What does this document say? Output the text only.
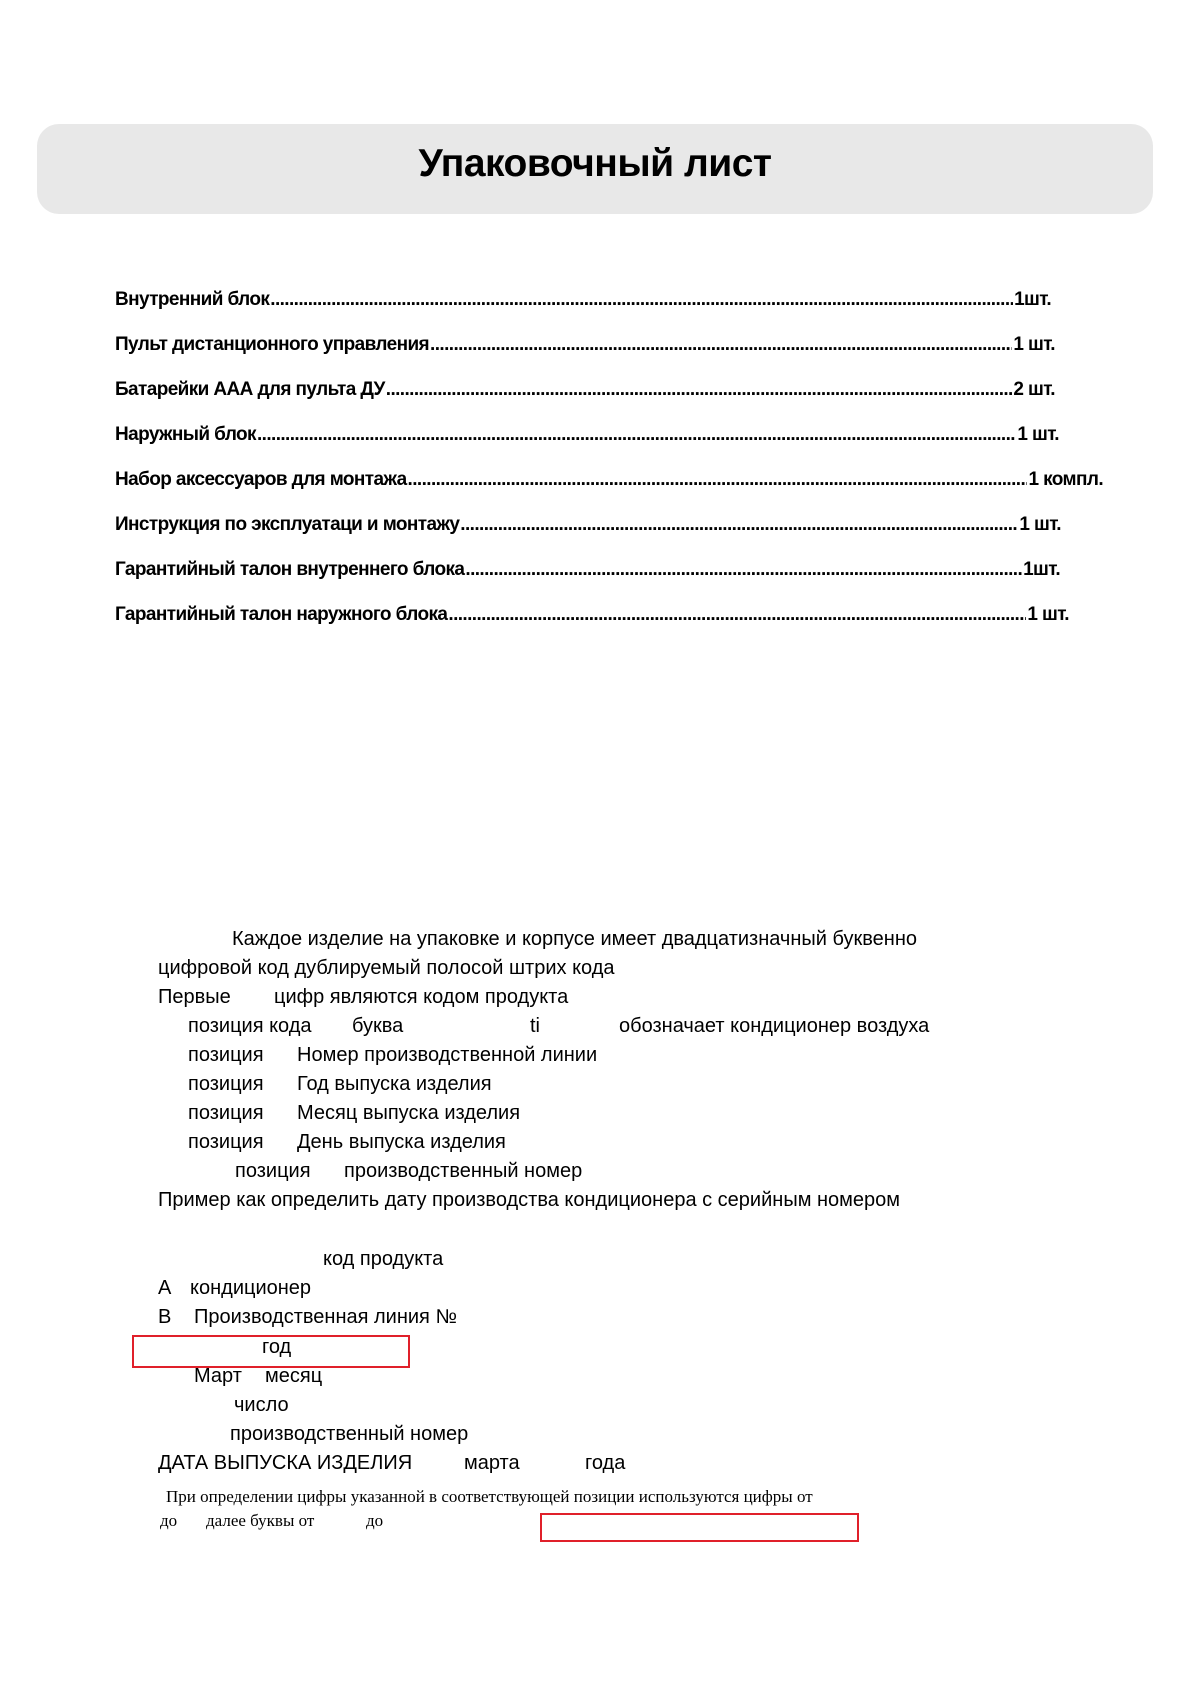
Упаковочный лист
Внутренний блок .....	1шт.
Пульт дистанционного управления .....	1 шт.
Батарейки ААА для пульта ДУ .....	2 шт.
Наружный блок .....	1 шт.
Набор аксессуаров для монтажа .....	1 компл.
Инструкция по эксплуатаци и монтажу .....	1 шт.
Гарантийный талон внутреннего блока .....	1шт.
Гарантийный талон наружного блока .....	1 шт.
Каждое изделие на упаковке и корпусе имеет двадцатизначный буквенно
цифровой код дублируемый полосой штрих кода
Первые цифр являются кодом продукта
позиция кода буква	ti	обозначает кондиционер воздуха
позиция Номер производственной линии
позиция Год выпуска изделия
позиция Месяц выпуска изделия
позиция День выпуска изделия
позиция производственный номер
Пример как определить дату производства кондиционера с серийным номером
код продукта
А кондиционер
В Производственная линия №
год
Март месяц
число
производственный номер
ДАТА ВЫПУСКА ИЗДЕЛИЯ	марта	года
При определении цифры указанной в соответствующей позиции используются цифры от
до далее буквы от	до
